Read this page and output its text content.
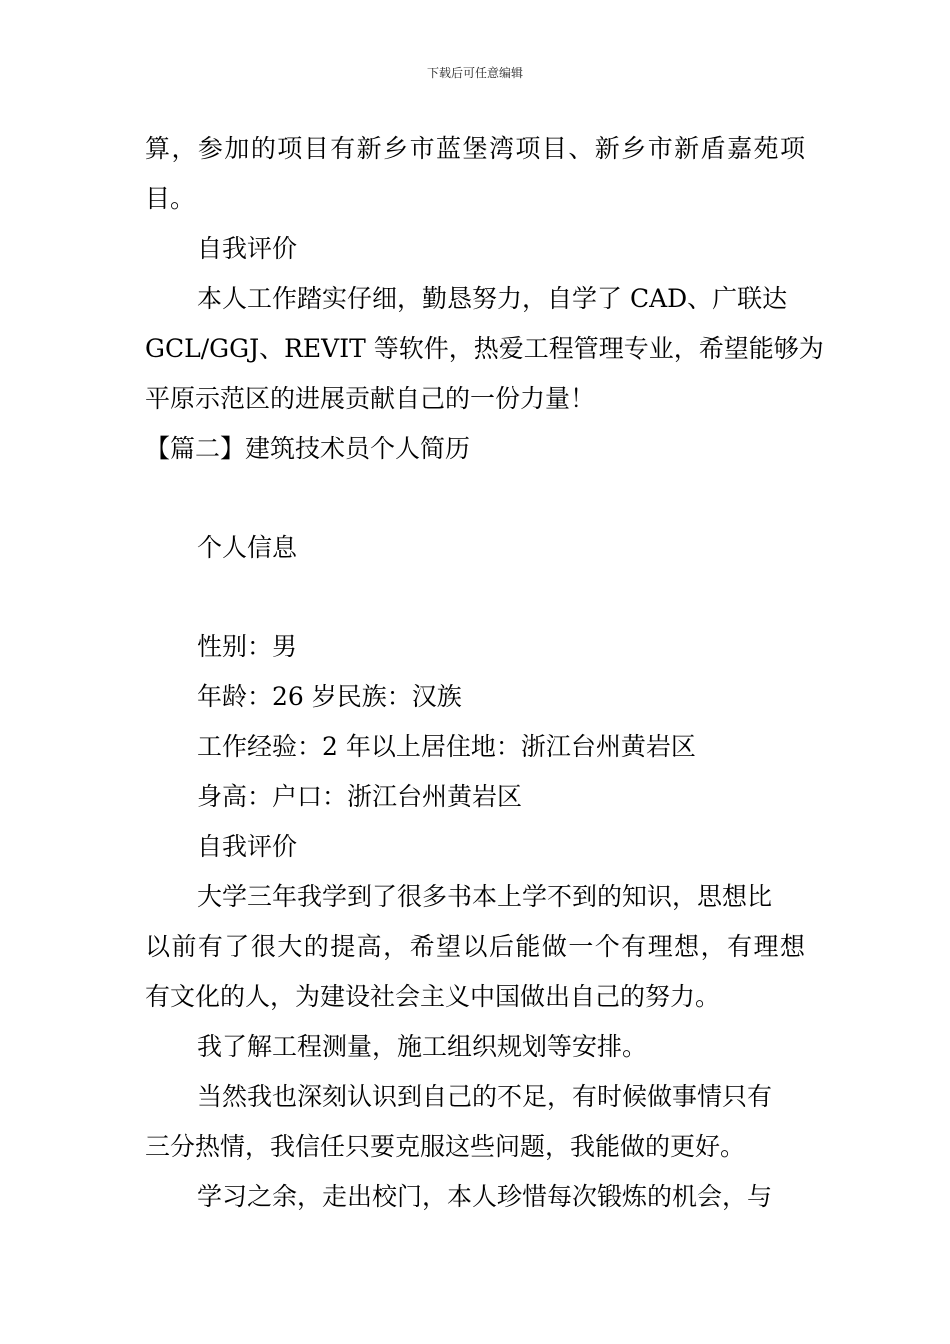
下载后可任意编辑
算，参加的项目有新乡市蓝堡湾项目、新乡市新盾嘉苑项
目。
自我评价
本人工作踏实仔细，勤恳努力，自学了 CAD、广联达
GCL/GGJ、REVIT 等软件，热爱工程管理专业，希望能够为
平原示范区的进展贡献自己的一份力量！
【篇二】建筑技术员个人简历
个人信息
性别：男
年龄：26 岁民族：汉族
工作经验：2 年以上居住地：浙江台州黄岩区
身高：户口：浙江台州黄岩区
自我评价
大学三年我学到了很多书本上学不到的知识，思想比
以前有了很大的提高，希望以后能做一个有理想，有理想
有文化的人，为建设社会主义中国做出自己的努力。
我了解工程测量，施工组织规划等安排。
当然我也深刻认识到自己的不足，有时候做事情只有
三分热情，我信任只要克服这些问题，我能做的更好。
学习之余，走出校门，本人珍惜每次锻炼的机会，与
